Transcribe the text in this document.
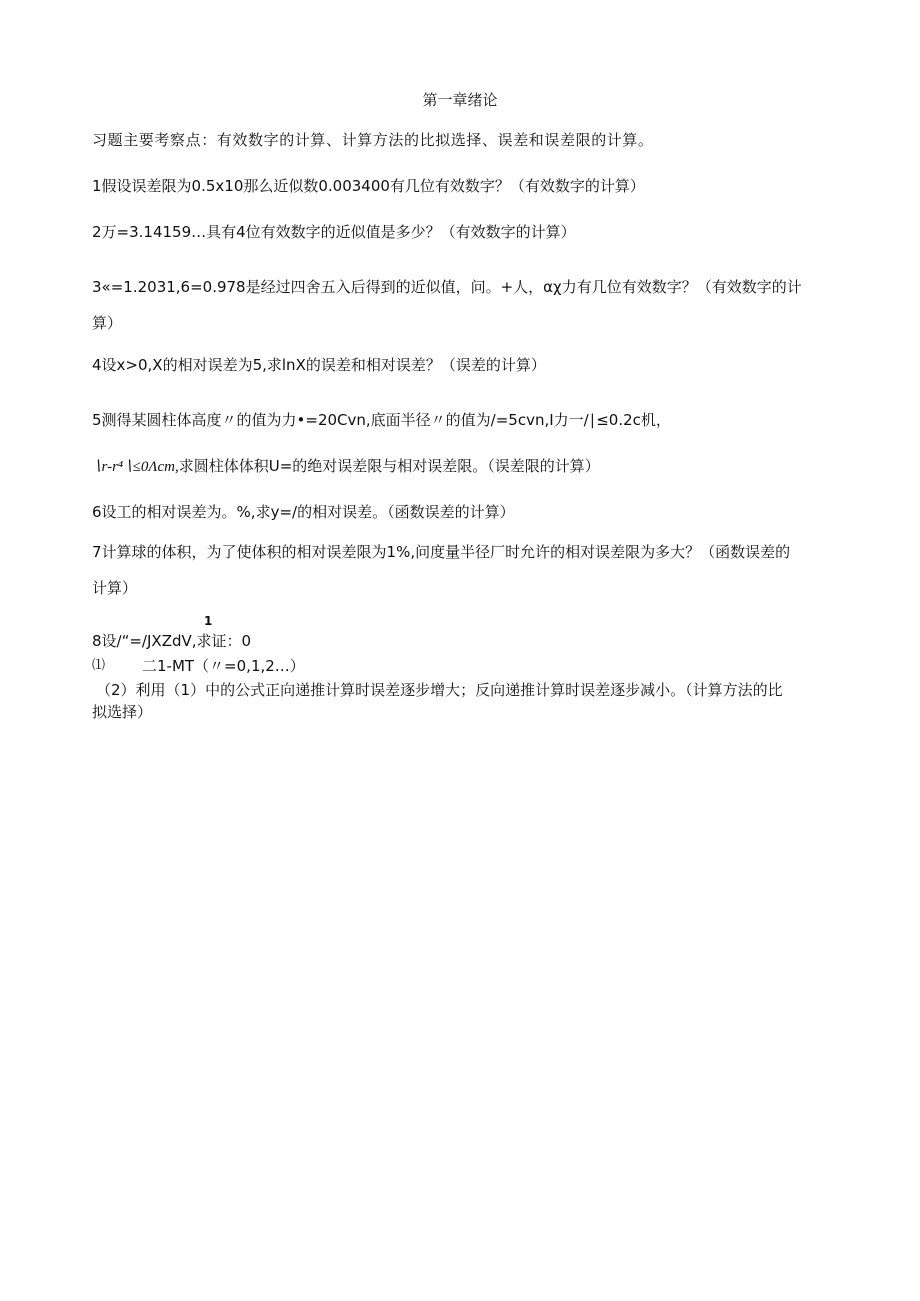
第一章绪论
习题主要考察点：有效数字的计算、计算方法的比拟选择、误差和误差限的计算。
1假设误差限为0.5x10那么近似数0.003400有几位有效数字？（有效数字的计算）
2万=3.14159…具有4位有效数字的近似值是多少？（有效数字的计算）
3«=1.2031,6=0.978是经过四舍五入后得到的近似值，问。+人，αχ力有几位有效数字？（有效数字的计
算）
4设x>0,X的相对误差为5,求lnX的误差和相对误差？（误差的计算）
5测得某圆柱体高度〃的值为力•=20Cvn,底面半径〃的值为∕=5cvn,I力一∕∣≤0.2c机，
∖r-r⁴∖≤0Λcm,求圆柱体体积U=的绝对误差限与相对误差限。（误差限的计算）
6设工的相对误差为。%,求y=/的相对误差。（函数误差的计算）
7计算球的体积，为了使体积的相对误差限为1%,问度量半径厂时允许的相对误差限为多大？（函数误差的
计算）
1
8设∕“=/JXZdV,求证：0
⑴ 二1-MT（〃=0,1,2…）
（2）利用（1）中的公式正向递推计算时误差逐步增大；反向递推计算时误差逐步减小。（计算方法的比
拟选择）
